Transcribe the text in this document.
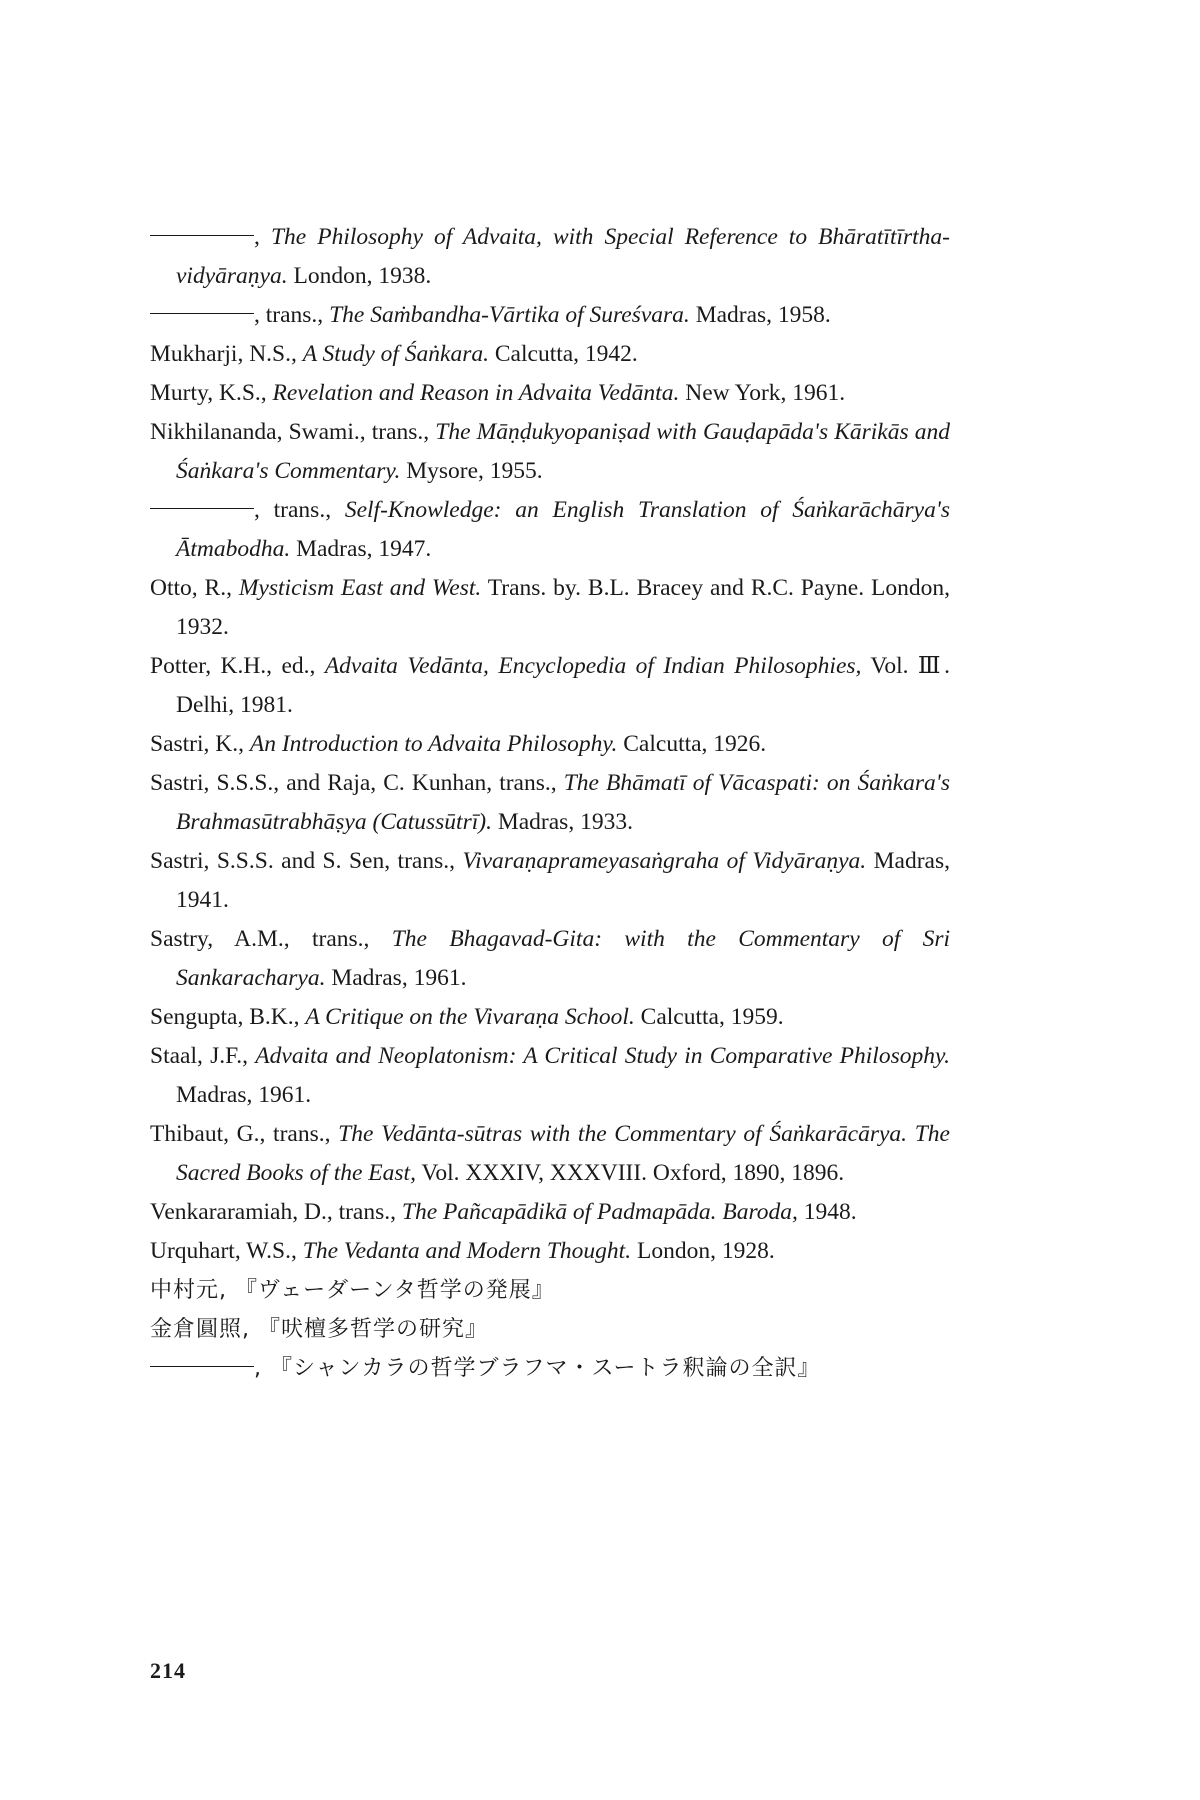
, The Philosophy of Advaita, with Special Reference to Bhāratītīrtha-vidyāraṇya. London, 1938.
, trans., The Saṁbandha-Vārtika of Sureśvara. Madras, 1958.
Mukharji, N.S., A Study of Śaṅkara. Calcutta, 1942.
Murty, K.S., Revelation and Reason in Advaita Vedānta. New York, 1961.
Nikhilananda, Swami., trans., The Māṇḍukyopaniṣad with Gauḍapāda's Kārikās and Śaṅkara's Commentary. Mysore, 1955.
, trans., Self-Knowledge: an English Translation of Śaṅkarāchārya's Ātmabodha. Madras, 1947.
Otto, R., Mysticism East and West. Trans. by. B.L. Bracey and R.C. Payne. London, 1932.
Potter, K.H., ed., Advaita Vedānta, Encyclopedia of Indian Philosophies, Vol. Ⅲ. Delhi, 1981.
Sastri, K., An Introduction to Advaita Philosophy. Calcutta, 1926.
Sastri, S.S.S., and Raja, C. Kunhan, trans., The Bhāmatī of Vācaspati: on Śaṅkara's Brahmasūtrabhāṣya (Catussūtrī). Madras, 1933.
Sastri, S.S.S. and S. Sen, trans., Vivaraṇaprameyasaṅgraha of Vidyāraṇya. Madras, 1941.
Sastry, A.M., trans., The Bhagavad-Gita: with the Commentary of Sri Sankaracharya. Madras, 1961.
Sengupta, B.K., A Critique on the Vivaraṇa School. Calcutta, 1959.
Staal, J.F., Advaita and Neoplatonism: A Critical Study in Comparative Philosophy. Madras, 1961.
Thibaut, G., trans., The Vedānta-sūtras with the Commentary of Śaṅkarācārya. The Sacred Books of the East, Vol. XXXIV, XXXVIII. Oxford, 1890, 1896.
Venkararamiah, D., trans., The Pañcapādikā of Padmapāda. Baroda, 1948.
Urquhart, W.S., The Vedanta and Modern Thought. London, 1928.
中村元, 『ヴェーダーンタ哲学の発展』
金倉圓照, 『吠檀多哲学の研究』
, 『シャンカラの哲学ブラフマ・スートラ釈論の全訳』
214
